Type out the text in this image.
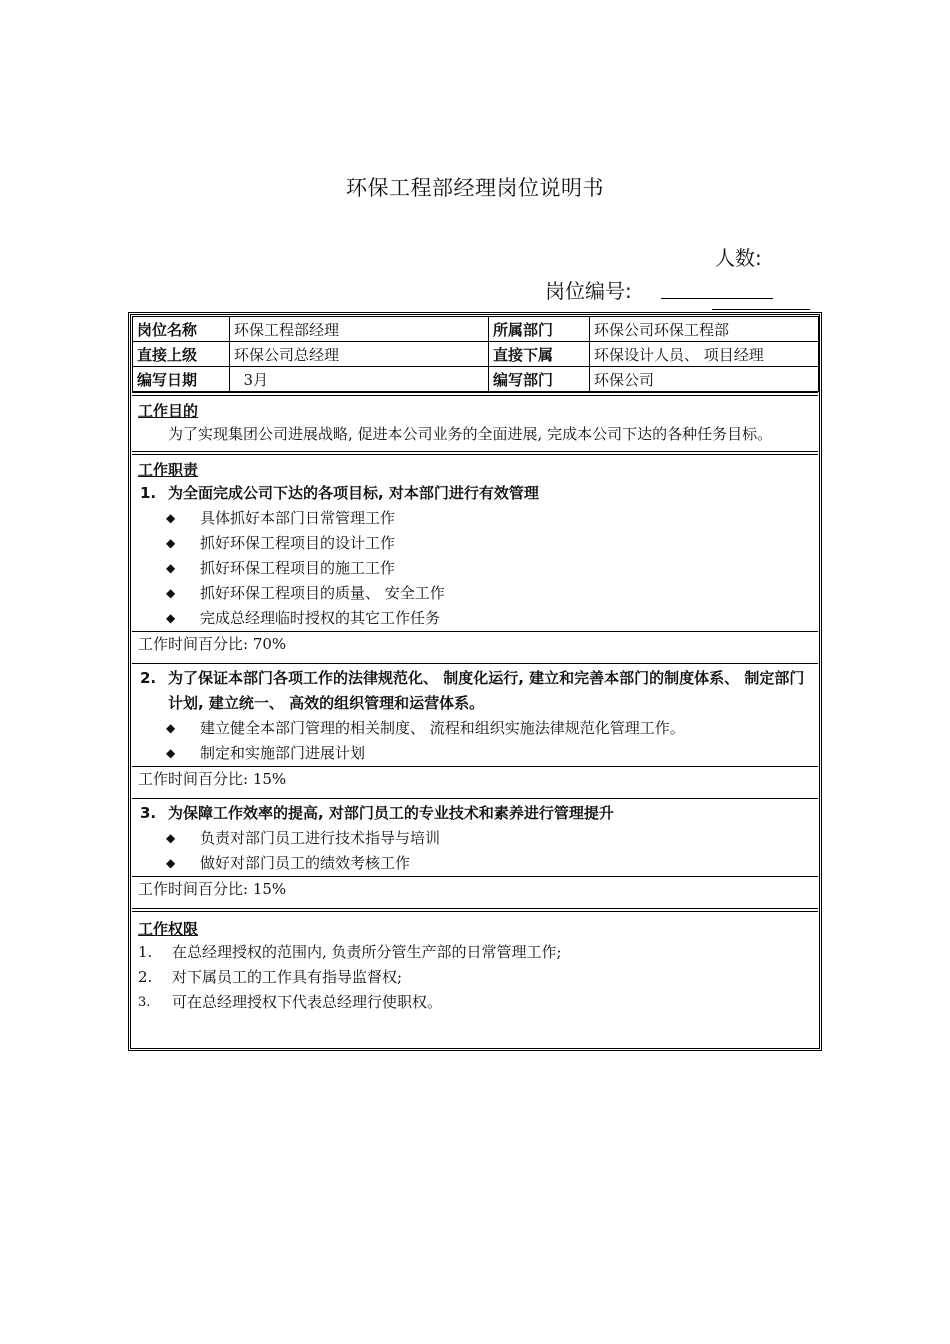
环保工程部经理岗位说明书
人数:
岗位编号:
岗位名称	环保工程部经理	所属部门	环保公司环保工程部
直接上级	环保公司总经理	直接下属	环保设计人员、 项目经理
编写日期	3月	编写部门	环保公司
工作目的
为了实现集团公司进展战略, 促进本公司业务的全面进展, 完成本公司下达的各种任务目标。
工作职责
1. 为全面完成公司下达的各项目标, 对本部门进行有效管理
◆	具体抓好本部门日常管理工作
◆	抓好环保工程项目的设计工作
◆	抓好环保工程项目的施工工作
◆	抓好环保工程项目的质量、 安全工作
◆	完成总经理临时授权的其它工作任务
工作时间百分比: 70%
2. 为了保证本部门各项工作的法律规范化、 制度化运行, 建立和完善本部门的制度体系、 制定部门计划, 建立统一、 高效的组织管理和运营体系。
◆	建立健全本部门管理的相关制度、 流程和组织实施法律规范化管理工作。
◆	制定和实施部门进展计划
工作时间百分比: 15%
3. 为保障工作效率的提高, 对部门员工的专业技术和素养进行管理提升
◆	负责对部门员工进行技术指导与培训
◆	做好对部门员工的绩效考核工作
工作时间百分比: 15%
工作权限
1.	在总经理授权的范围内, 负责所分管生产部的日常管理工作;
2.	对下属员工的工作具有指导监督权;
3.	可在总经理授权下代表总经理行使职权。
